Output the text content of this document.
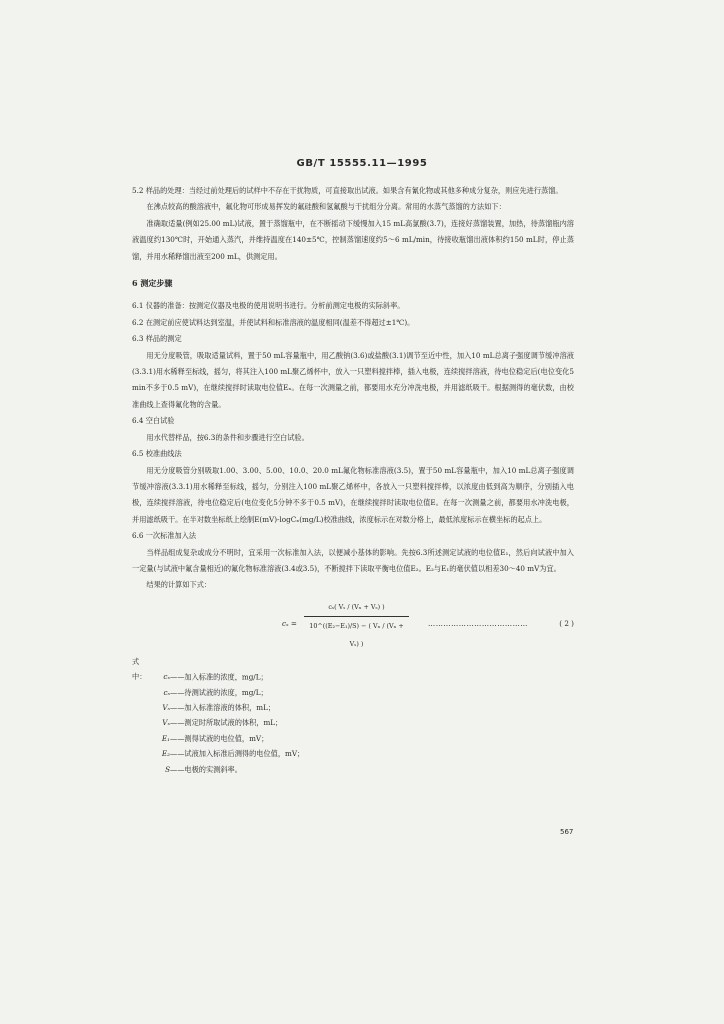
GB/T 15555.11—1995

5.2 样品的处理：当经过前处理后的试样中不存在干扰物质，可直接取出试液。如果含有氰化物或其他多种成分复杂，则应先进行蒸馏。

在沸点较高的酸溶液中，氟化物可形成易挥发的氟硅酸和氢氟酸与干扰组分分离。常用的水蒸气蒸馏的方法如下：

准确取适量(例如25.00 mL)试液，置于蒸馏瓶中，在不断摇动下缓慢加入15 mL高氯酸(3.7)，连接好蒸馏装置，加热，待蒸馏瓶内溶液温度约130℃时，开始通入蒸汽，并维持温度在140±5℃，控制蒸馏速度约5～6 mL/min，待接收瓶馏出液体积约150 mL时，停止蒸馏，并用水稀释馏出液至200 mL，供测定用。

6 测定步骤

6.1 仪器的准备：按测定仪器及电极的使用说明书进行。分析前测定电极的实际斜率。

6.2 在测定前应使试料达到室温，并使试料和标准溶液的温度相同(温差不得超过±1℃)。

6.3 样品的测定

用无分度吸管，吸取适量试料，置于50 mL容量瓶中，用乙酸钠(3.6)或盐酸(3.1)调节至近中性，加入10 mL总离子强度调节缓冲溶液(3.3.1)用水稀释至标线，摇匀，将其注入100 mL聚乙烯杯中，放入一只塑料搅拌棒，插入电极，连续搅拌溶液，待电位稳定后(电位变化5 min不多于0.5 mV)，在继续搅拌时读取电位值Eₓ。在每一次测量之前，都要用水充分冲洗电极，并用滤纸吸干。根据测得的毫伏数，由校准曲线上查得氟化物的含量。

6.4 空白试验

用水代替样品，按6.3的条件和步骤进行空白试验。

6.5 校准曲线法

用无分度吸管分别吸取1.00、3.00、5.00、10.0、20.0 mL氟化物标准溶液(3.5)，置于50 mL容量瓶中，加入10 mL总离子强度调节缓冲溶液(3.3.1)用水稀释至标线，摇匀，分别注入100 mL聚乙烯杯中，各放入一只塑料搅拌棒，以浓度由低到高为顺序，分别插入电极，连续搅拌溶液，待电位稳定后(电位变化5分钟不多于0.5 mV)，在继续搅拌时读取电位值E。在每一次测量之前，都要用水冲洗电极，并用滤纸吸干。在半对数坐标纸上绘制E(mV)-logCₓ(mg/L)校准曲线，浓度标示在对数分格上，最低浓度标示在横坐标的起点上。

6.6 一次标准加入法

当样品组成复杂或成分不明时，宜采用一次标准加入法，以便减小基体的影响。先按6.3所述测定试液的电位值E₁，然后向试液中加入一定量(与试液中氟含量相近)的氟化物标准溶液(3.4或3.5)，不断搅拌下读取平衡电位值E₂。E₂与E₁的毫伏值以相差30～40 mV为宜。

结果的计算如下式：

$c_x = \frac{\text{cₛ( Vₛ / (Vₓ + Vₛ) )}}{\text{10\textasciicircum{}((E₂−E₁)/S) − ( Vₓ / (Vₓ + Vₛ) )}}$	…………………………………	( 2 )
式中： cₓ——加入标准的浓度，mg/L；
cₛ——待测试液的浓度，mg/L；
Vₛ——加入标准溶液的体积，mL；
Vₓ——测定时所取试液的体积，mL；
E₁——测得试液的电位值，mV；
E₂——试液加入标准后测得的电位值，mV；
S——电极的实测斜率。
567
